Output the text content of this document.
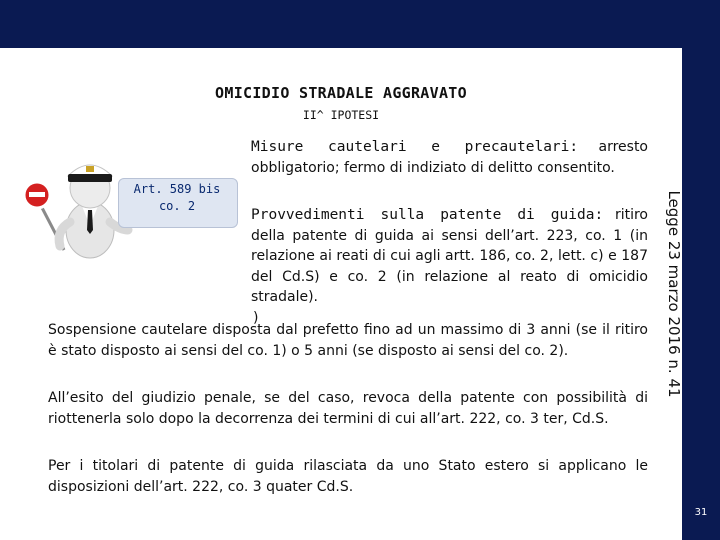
Legge 23 marzo 2016 n. 41
OMICIDIO STRADALE AGGRAVATO
II^ IPOTESI
Art. 589 bis
co. 2
Misure cautelari e precautelari: arresto obbligatorio; fermo di indiziato di delitto consentito.
Provvedimenti sulla patente di guida: ritiro della patente di guida ai sensi dell’art. 223, co. 1 (in relazione ai reati di cui agli artt. 186, co. 2, lett. c) e 187 del Cd.S) e co. 2 (in relazione al reato di omicidio stradale).
)
Sospensione cautelare disposta dal prefetto fino ad un massimo di 3 anni (se il ritiro è stato disposto ai sensi del co. 1) o 5 anni (se disposto ai sensi del co. 2).
All’esito del giudizio penale, se del caso, revoca della patente con possibilità di riottenerla solo dopo la decorrenza dei termini di cui all’art. 222, co. 3 ter, Cd.S.
Per i titolari di patente di guida rilasciata da uno Stato estero si applicano le disposizioni dell’art. 222, co. 3 quater Cd.S.
31
